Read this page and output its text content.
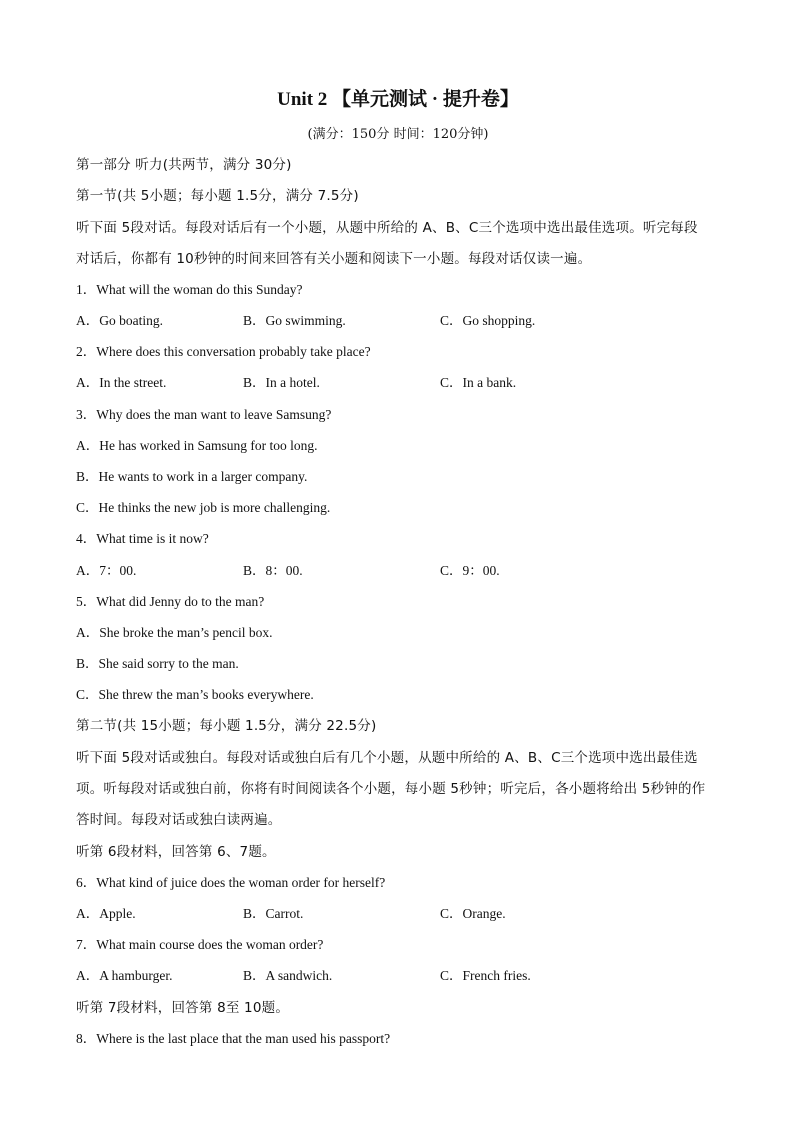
Unit 2 【单元测试 · 提升卷】
(满分：150分 时间：120分钟)
第一部分 听力(共两节，满分 30分)
第一节(共 5小题；每小题 1.5分，满分 7.5分)
听下面 5段对话。每段对话后有一个小题，从题中所给的 A、B、C三个选项中选出最佳选项。听完每段
对话后，你都有 10秒钟的时间来回答有关小题和阅读下一小题。每段对话仅读一遍。
1．What will the woman do this Sunday?
A．Go boating.	B．Go swimming.	C．Go shopping.
2．Where does this conversation probably take place?
A．In the street.	B．In a hotel.	C．In a bank.
3．Why does the man want to leave Samsung?
A．He has worked in Samsung for too long.
B．He wants to work in a larger company.
C．He thinks the new job is more challenging.
4．What time is it now?
A．7：00.	B．8：00.	C．9：00.
5．What did Jenny do to the man?
A．She broke the man’s pencil box.
B．She said sorry to the man.
C．She threw the man’s books everywhere.
第二节(共 15小题；每小题 1.5分，满分 22.5分)
听下面 5段对话或独白。每段对话或独白后有几个小题，从题中所给的 A、B、C三个选项中选出最佳选
项。听每段对话或独白前，你将有时间阅读各个小题，每小题 5秒钟；听完后，各小题将给出 5秒钟的作
答时间。每段对话或独白读两遍。
听第 6段材料，回答第 6、7题。
6．What kind of juice does the woman order for herself?
A．Apple.	B．Carrot.	C．Orange.
7．What main course does the woman order?
A．A hamburger.	B．A sandwich.	C．French fries.
听第 7段材料，回答第 8至 10题。
8．Where is the last place that the man used his passport?
